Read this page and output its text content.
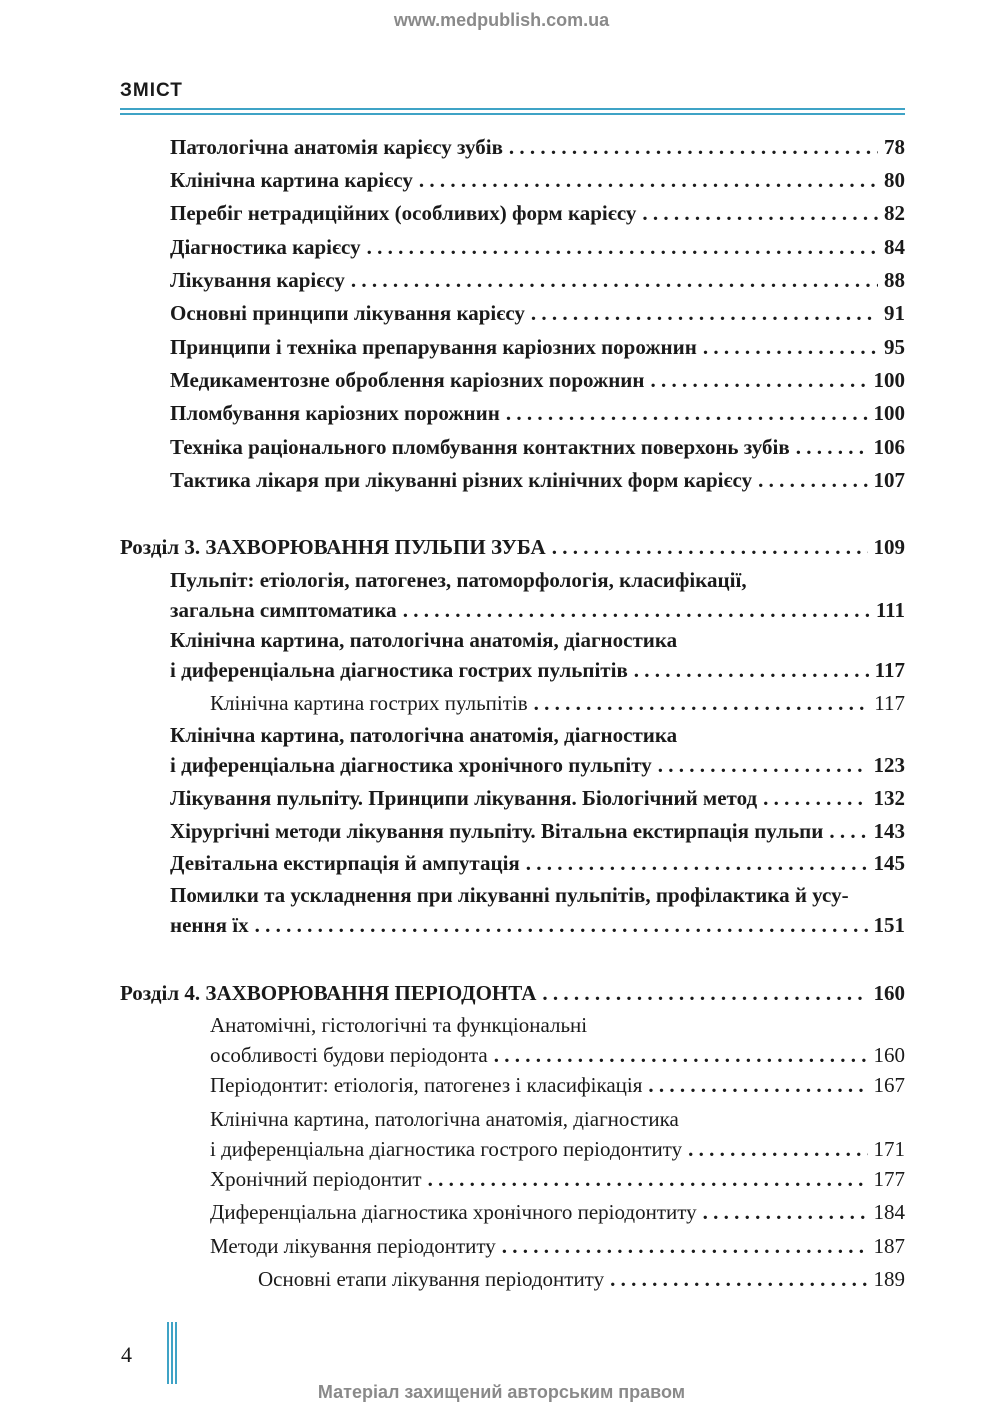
www.medpublish.com.ua
ЗМІСТ
Патологічна анатомія карієсу зубів . . .	78
Клінічна картина карієсу . . .	80
Перебіг нетрадиційних (особливих) форм карієсу . . .	82
Діагностика карієсу . . .	84
Лікування карієсу . . .	88
Основні принципи лікування карієсу . . .	91
Принципи і техніка препарування каріозних порожнин . . .	95
Медикаментозне оброблення каріозних порожнин . . .	100
Пломбування каріозних порожнин . . .	100
Техніка раціонального пломбування контактних поверхонь зубів . . .	106
Тактика лікаря при лікуванні різних клінічних форм карієсу . . .	107
Розділ 3. ЗАХВОРЮВАННЯ ПУЛЬПИ ЗУБА . . .	109
Пульпіт: етіологія, патогенез, патоморфологія, класифікації,
загальна симптоматика . . .	111
Клінічна картина, патологічна анатомія, діагностика
і диференціальна діагностика гострих пульпітів . . .	117
Клінічна картина гострих пульпітів . . .	117
Клінічна картина, патологічна анатомія, діагностика
і диференціальна діагностика хронічного пульпіту . . .	123
Лікування пульпіту. Принципи лікування. Біологічний метод . . .	132
Хірургічні методи лікування пульпіту. Вітальна екстирпація пульпи . . . 143
Девітальна екстирпація й ампутація . . .	145
Помилки та ускладнення при лікуванні пульпітів, профілактика й усу-
нення їх . . .	151
Розділ 4. ЗАХВОРЮВАННЯ ПЕРІОДОНТА . . .	160
Анатомічні, гістологічні та функціональні
особливості будови періодонта . . .	160
Періодонтит: етіологія, патогенез і класифікація . . .	167
Клінічна картина, патологічна анатомія, діагностика
і диференціальна діагностика гострого періодонтиту . . .	171
Хронічний періодонтит . . .	177
Диференціальна діагностика хронічного періодонтиту . . .	184
Методи лікування періодонтиту . . .	187
Основні етапи лікування періодонтиту . . .	189
4
Матеріал захищений авторським правом
